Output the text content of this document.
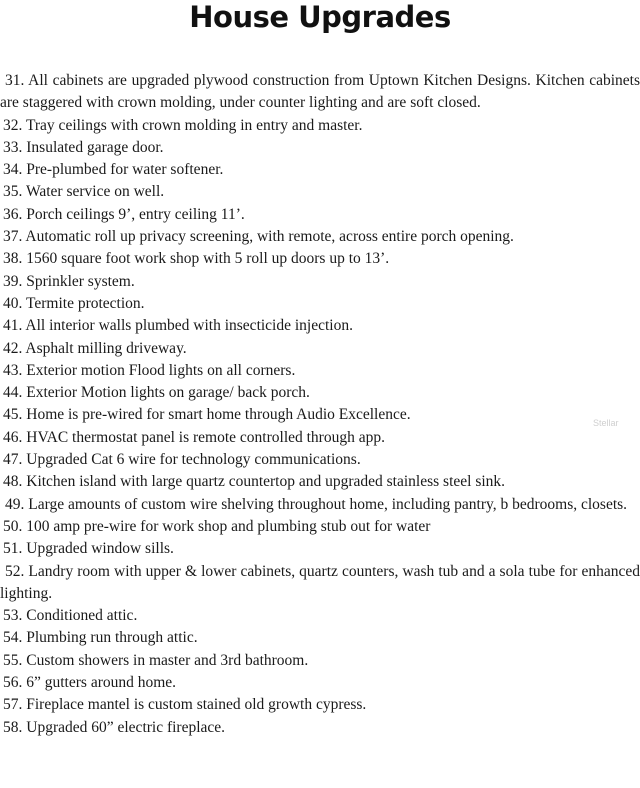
House Upgrades

31. All cabinets are upgraded plywood construction from Uptown Kitchen Designs. Kitchen cabinets are staggered with crown molding, under counter lighting and are soft closed.

32. Tray ceilings with crown molding in entry and master.

33. Insulated garage door.

34. Pre-plumbed for water softener.

35. Water service on well.

36. Porch ceilings 9’, entry ceiling 11’.

37. Automatic roll up privacy screening, with remote, across entire porch opening.

38. 1560 square foot work shop with 5 roll up doors up to 13’.

39. Sprinkler system.

40. Termite protection.

41. All interior walls plumbed with insecticide injection.

42. Asphalt milling driveway.

43. Exterior motion Flood lights on all corners.

44. Exterior Motion lights on garage/ back porch.

45. Home is pre-wired for smart home through Audio Excellence.

46. HVAC thermostat panel is remote controlled through app.

47. Upgraded Cat 6 wire for technology communications.

48. Kitchen island with large quartz countertop and upgraded stainless steel sink.

49. Large amounts of custom wire shelving throughout home, including pantry, b bedrooms, closets.

50. 100 amp pre-wire for work shop and plumbing stub out for water

51. Upgraded window sills.

52. Landry room with upper & lower cabinets, quartz counters, wash tub and a sola tube for enhanced lighting.

53. Conditioned attic.

54. Plumbing run through attic.

55. Custom showers in master and 3rd bathroom.

56. 6” gutters around home.

57. Fireplace mantel is custom stained old growth cypress.

58. Upgraded 60” electric fireplace.

Stellar
